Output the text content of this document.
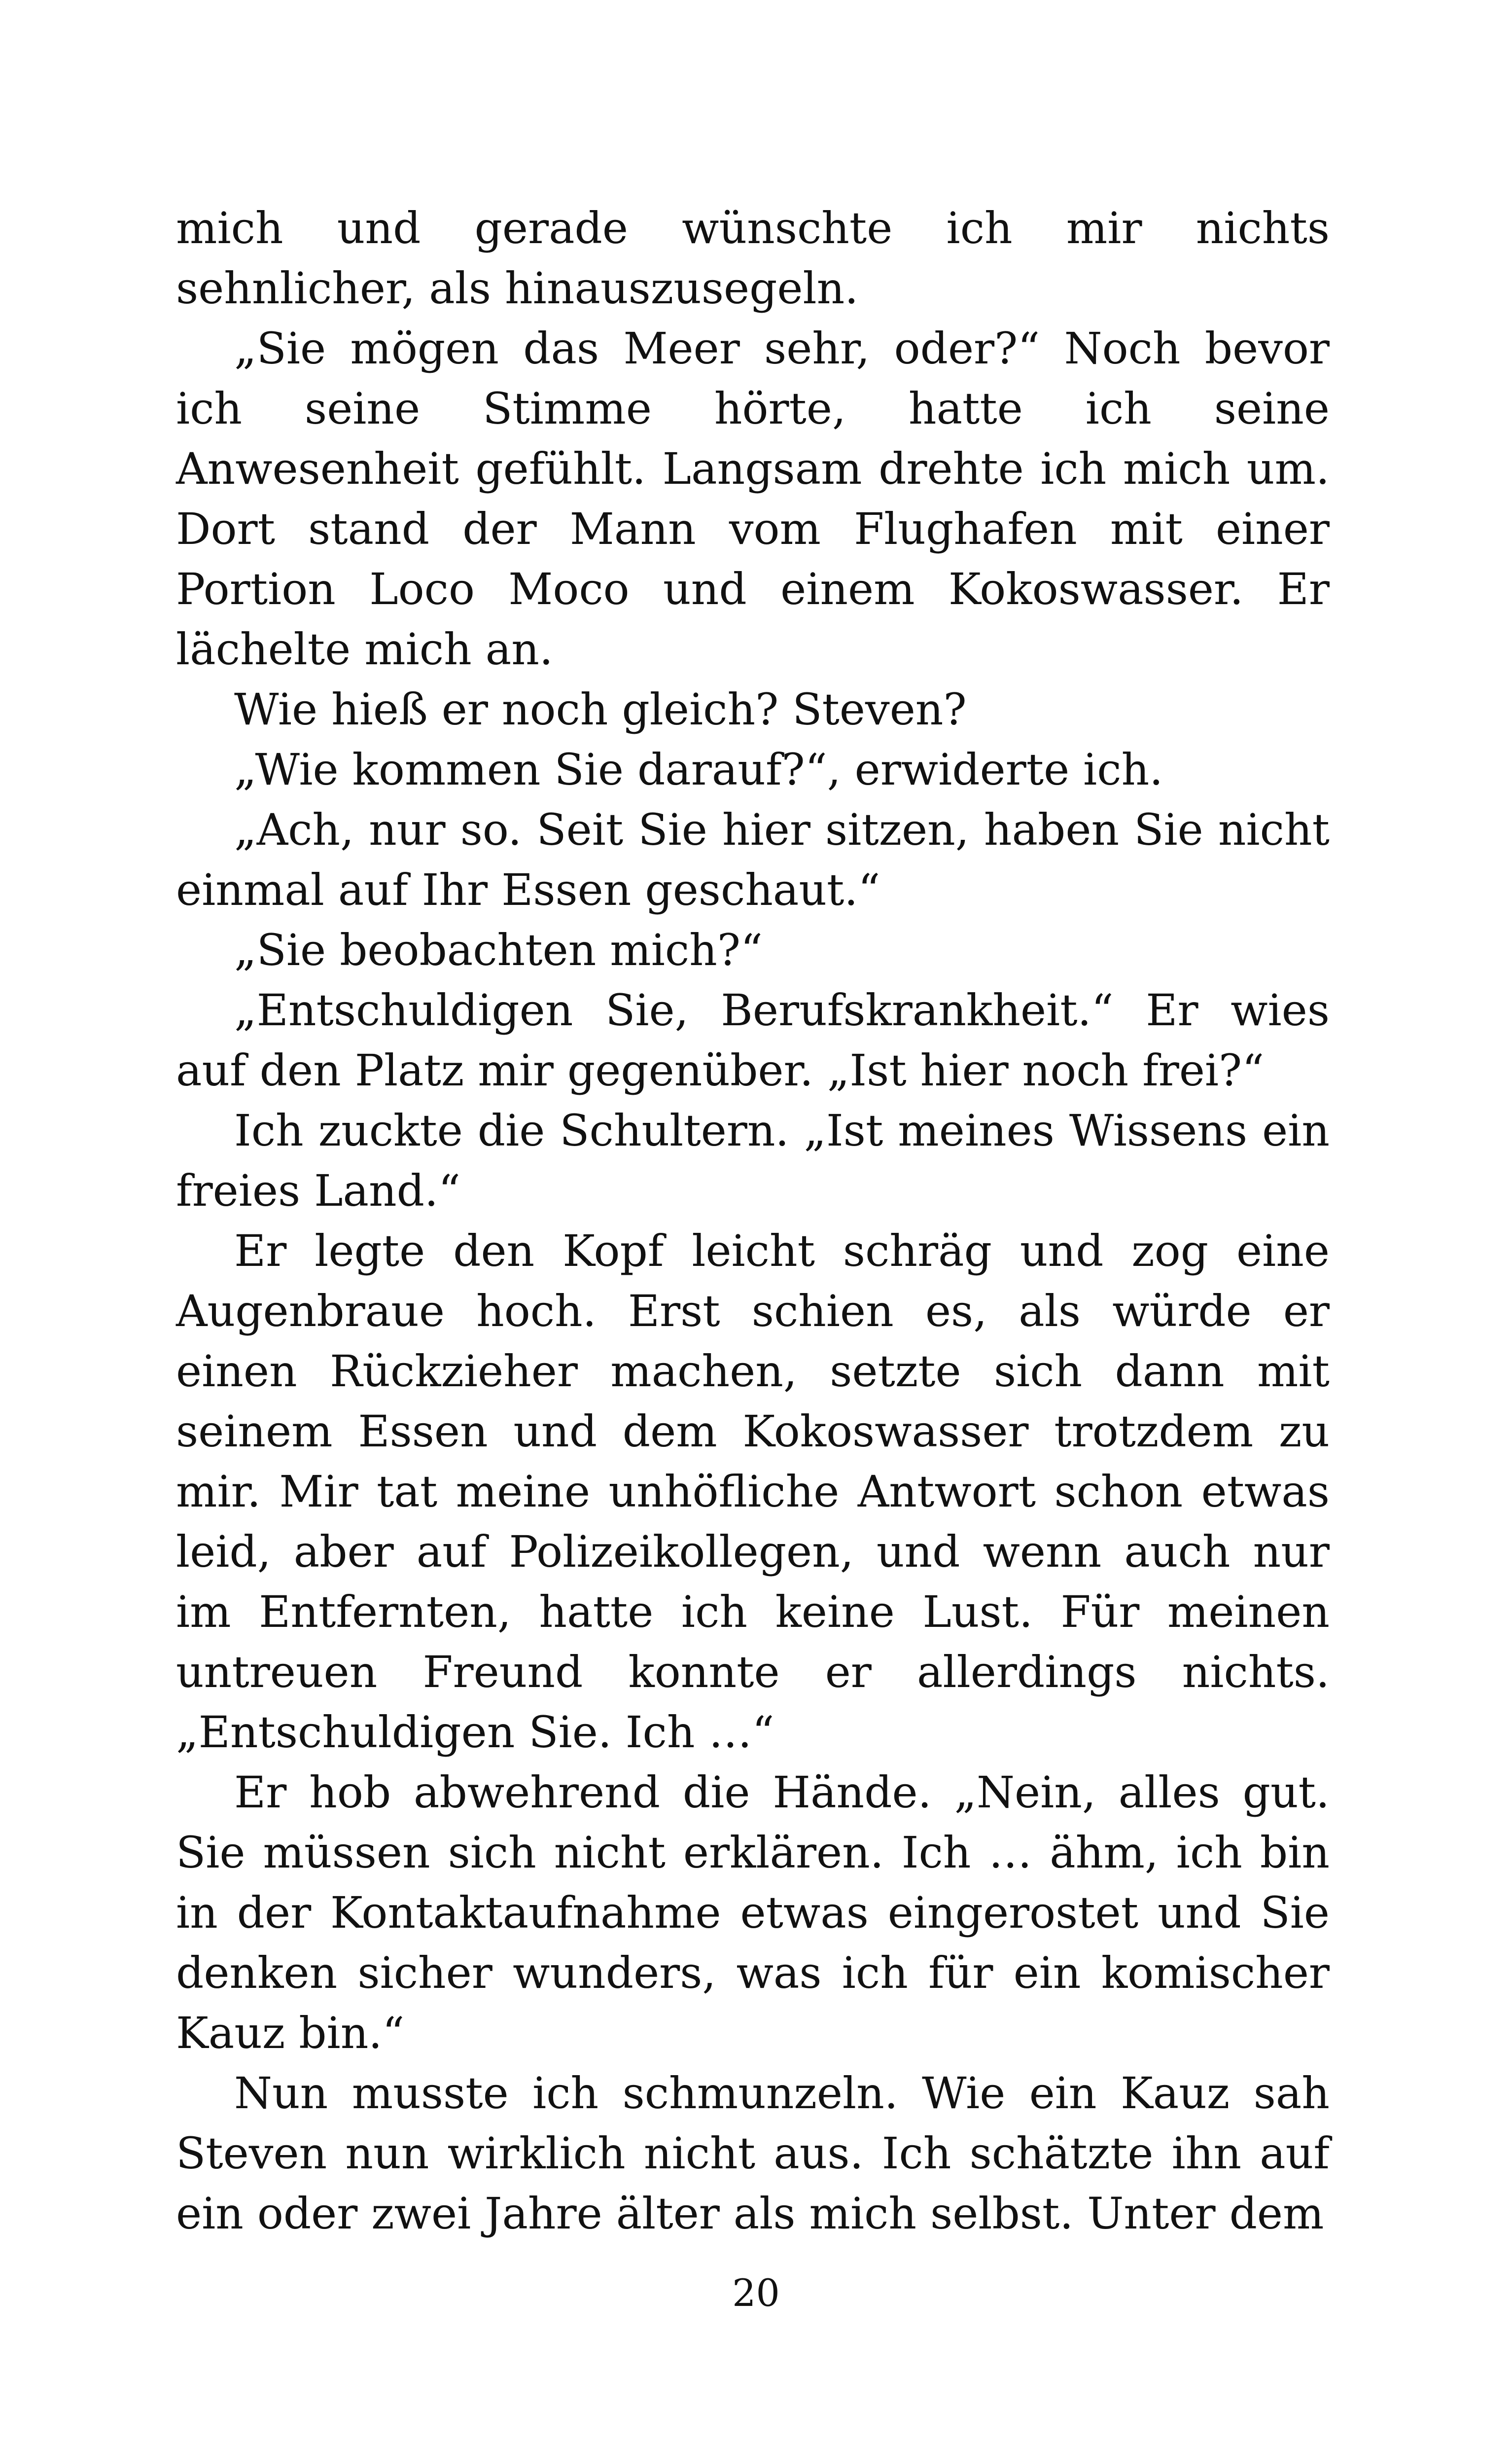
mich und gerade wünschte ich mir nichts sehnlicher, als hinauszusegeln.

„Sie mögen das Meer sehr, oder?“ Noch bevor ich seine Stimme hörte, hatte ich seine Anwesenheit gefühlt. Langsam drehte ich mich um. Dort stand der Mann vom Flughafen mit einer Portion Loco Moco und einem Kokoswasser. Er lächelte mich an.

Wie hieß er noch gleich? Steven?

„Wie kommen Sie darauf?“, erwiderte ich.

„Ach, nur so. Seit Sie hier sitzen, haben Sie nicht einmal auf Ihr Essen geschaut.“

„Sie beobachten mich?“

„Entschuldigen Sie, Berufskrankheit.“ Er wies auf den Platz mir gegenüber. „Ist hier noch frei?“

Ich zuckte die Schultern. „Ist meines Wissens ein freies Land.“

Er legte den Kopf leicht schräg und zog eine Augenbraue hoch. Erst schien es, als würde er einen Rückzieher machen, setzte sich dann mit seinem Essen und dem Kokoswasser trotzdem zu mir. Mir tat meine unhöfliche Antwort schon etwas leid, aber auf Polizeikollegen, und wenn auch nur im Entfernten, hatte ich keine Lust. Für meinen untreuen Freund konnte er allerdings nichts. „Entschuldigen Sie. Ich …“

Er hob abwehrend die Hände. „Nein, alles gut. Sie müssen sich nicht erklären. Ich … ähm, ich bin in der Kontaktaufnahme etwas eingerostet und Sie denken sicher wunders, was ich für ein komischer Kauz bin.“

Nun musste ich schmunzeln. Wie ein Kauz sah Steven nun wirklich nicht aus. Ich schätzte ihn auf ein oder zwei Jahre älter als mich selbst. Unter dem

20
